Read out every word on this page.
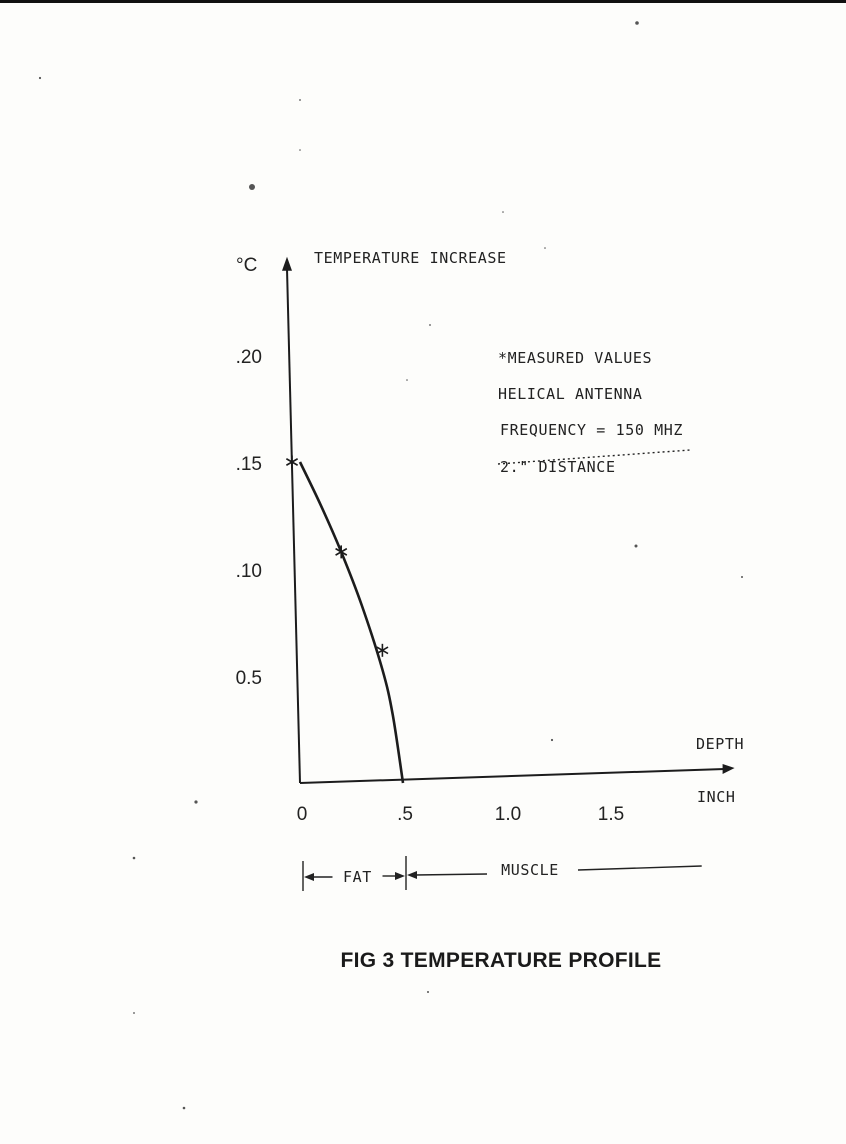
°C	TEMPERATURE INCREASE
DEPTH
INCH
0.5
.10
.15
.20
0	.5	1.0	1.5
*MEASURED VALUES
HELICAL ANTENNA
FREQUENCY = 150 MHZ
2." DISTANCE
FAT	MUSCLE
FIG 3 TEMPERATURE PROFILE
